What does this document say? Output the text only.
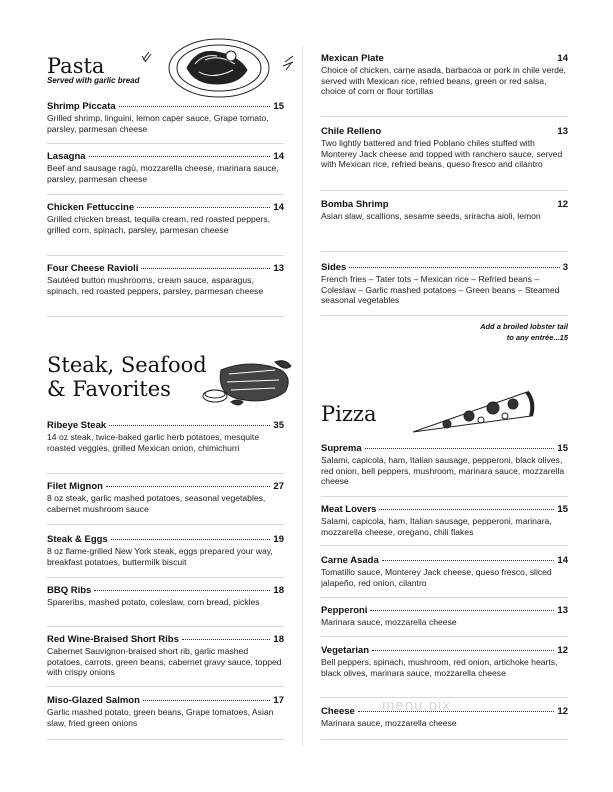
Pasta
Served with garlic bread
Shrimp Piccata	15
Grilled shrimp, linguini, lemon caper sauce, Grape tomato, parsley, parmesan cheese
Lasagna	14
Beef and sausage ragù, mozzarella cheese, marinara sauce, parsley, parmesan cheese
Chicken Fettuccine	14
Grilled chicken breast, tequila cream, red roasted peppers, grilled corn, spinach, parsley, parmesan cheese
Four Cheese Ravioli	13
Sautéed button mushrooms, cream sauce, asparagus, spinach, red roasted peppers, parsley, parmesan cheese
Steak, Seafood
& Favorites
Ribeye Steak	35
14 oz steak, twice-baked garlic herb potatoes, mesquite roasted veggies, grilled Mexican onion, chimichurri
Filet Mignon	27
8 oz steak, garlic mashed potatoes, seasonal vegetables, cabernet mushroom sauce
Steak & Eggs	19
8 oz flame-grilled New York steak, eggs prepared your way, breakfast potatoes, buttermilk biscuit
BBQ Ribs	18
Spareribs, mashed potato, coleslaw, corn bread, pickles
Red Wine-Braised Short Ribs	18
Cabernet Sauvignon-braised short rib, garlic mashed potatoes, carrots, green beans, cabernet gravy sauce, topped with crispy onions
Miso-Glazed Salmon	17
Garlic mashed potato, green beans, Grape tomatoes, Asian slaw, fried green onions
Mexican Plate	14
Choice of chicken, carne asada, barbacoa or pork in chile verde, served with Mexican rice, refried beans, green or red salsa, choice of corn or flour tortillas
Chile Relleno	13
Two lightly battered and fried Poblano chiles stuffed with Monterey Jack cheese and topped with ranchero sauce, served with Mexican rice, refried beans, queso fresco and cilantro
Bomba Shrimp	12
Asian slaw, scallions, sesame seeds, sriracha aioli, lemon
Sides	3
French fries – Tater tots – Mexican rice – Refried beans – Coleslaw – Garlic mashed potatoes – Green beans – Steamed seasonal vegetables
Add a broiled lobster tail
to any entrée...15
Pizza
Suprema	15
Salami, capicola, ham, Italian sausage, pepperoni, black olives, red onion, bell peppers, mushroom, marinara sauce, mozzarella cheese
Meat Lovers	15
Salami, capicola, ham, Italian sausage, pepperoni, marinara, mozzarella cheese, oregano, chili flakes
Carne Asada	14
Tomatillo sauce, Monterey Jack cheese, queso fresco, sliced jalapeño, red onion, cilantro
Pepperoni	13
Marinara sauce, mozzarella cheese
Vegetarian	12
Bell peppers, spinach, mushroom, red onion, artichoke hearts, black olives, marinara sauce, mozzarella cheese
Cheese	12
Marinara sauce, mozzarella cheese
menu.pix
